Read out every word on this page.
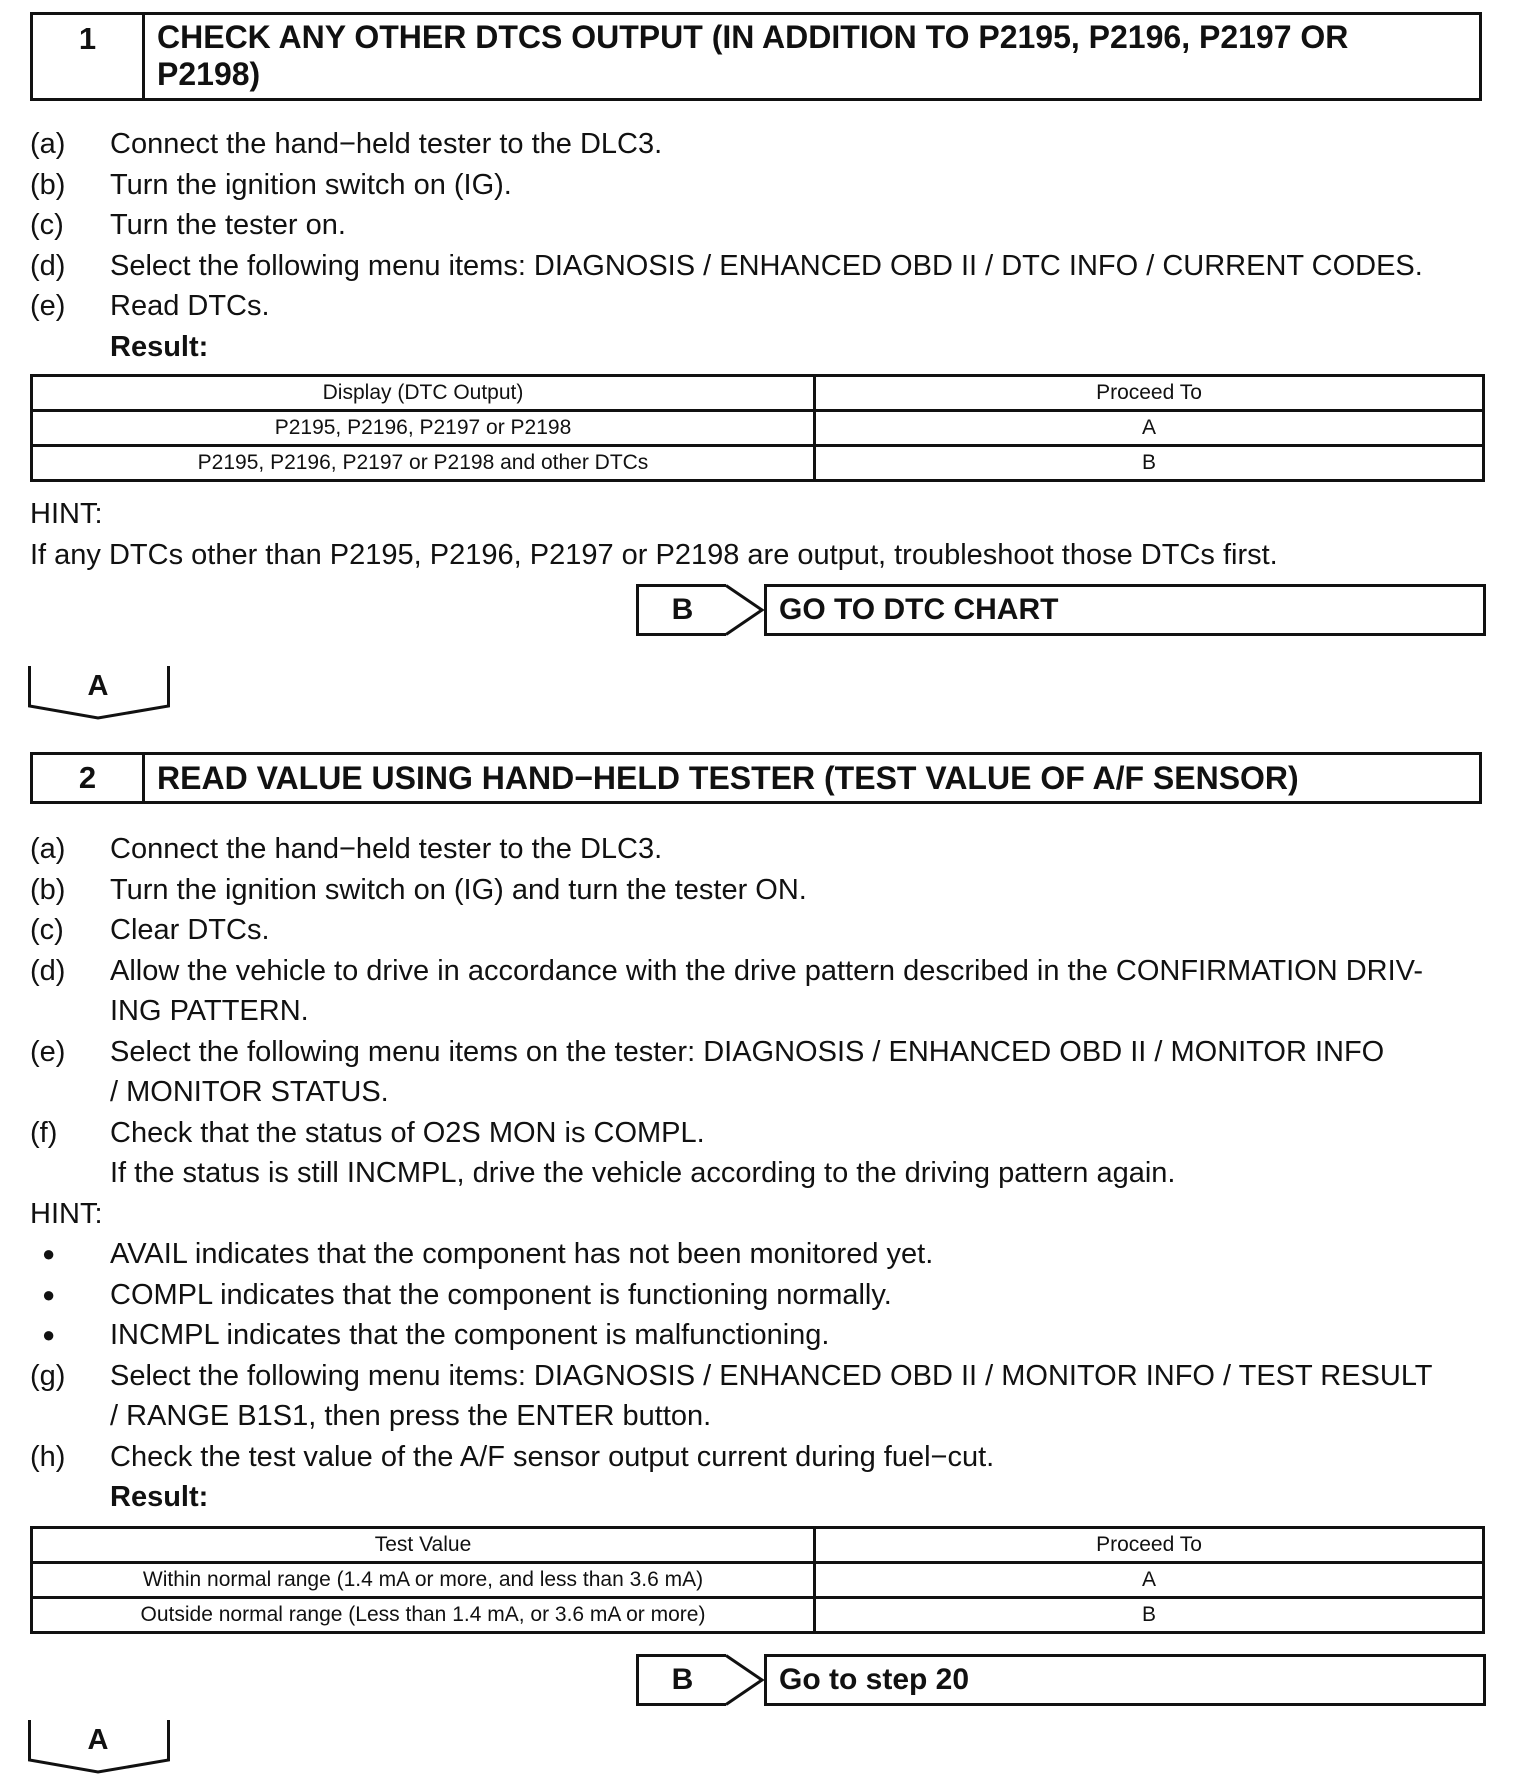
1	CHECK ANY OTHER DTCS OUTPUT (IN ADDITION TO P2195, P2196, P2197 OR
P2198)
(a) Connect the hand−held tester to the DLC3.
(b) Turn the ignition switch on (IG).
(c) Turn the tester on.
(d) Select the following menu items: DIAGNOSIS / ENHANCED OBD II / DTC INFO / CURRENT CODES.
(e) Read DTCs.
Result:
Display (DTC Output)	Proceed To
P2195, P2196, P2197 or P2198	A
P2195, P2196, P2197 or P2198 and other DTCs	B
HINT:
If any DTCs other than P2195, P2196, P2197 or P2198 are output, troubleshoot those DTCs first.
B	GO TO DTC CHART
A
2	READ VALUE USING HAND−HELD TESTER (TEST VALUE OF A/F SENSOR)
(a) Connect the hand−held tester to the DLC3.
(b) Turn the ignition switch on (IG) and turn the tester ON.
(c) Clear DTCs.
(d) Allow the vehicle to drive in accordance with the drive pattern described in the CONFIRMATION DRIV-
ING PATTERN.
(e) Select the following menu items on the tester: DIAGNOSIS / ENHANCED OBD II / MONITOR INFO
/ MONITOR STATUS.
(f) Check that the status of O2S MON is COMPL.
If the status is still INCMPL, drive the vehicle according to the driving pattern again.
HINT:
● AVAIL indicates that the component has not been monitored yet.
● COMPL indicates that the component is functioning normally.
● INCMPL indicates that the component is malfunctioning.
(g) Select the following menu items: DIAGNOSIS / ENHANCED OBD II / MONITOR INFO / TEST RESULT
/ RANGE B1S1, then press the ENTER button.
(h) Check the test value of the A/F sensor output current during fuel−cut.
Result:
Test Value	Proceed To
Within normal range (1.4 mA or more, and less than 3.6 mA)	A
Outside normal range (Less than 1.4 mA, or 3.6 mA or more)	B
B	Go to step 20
A
